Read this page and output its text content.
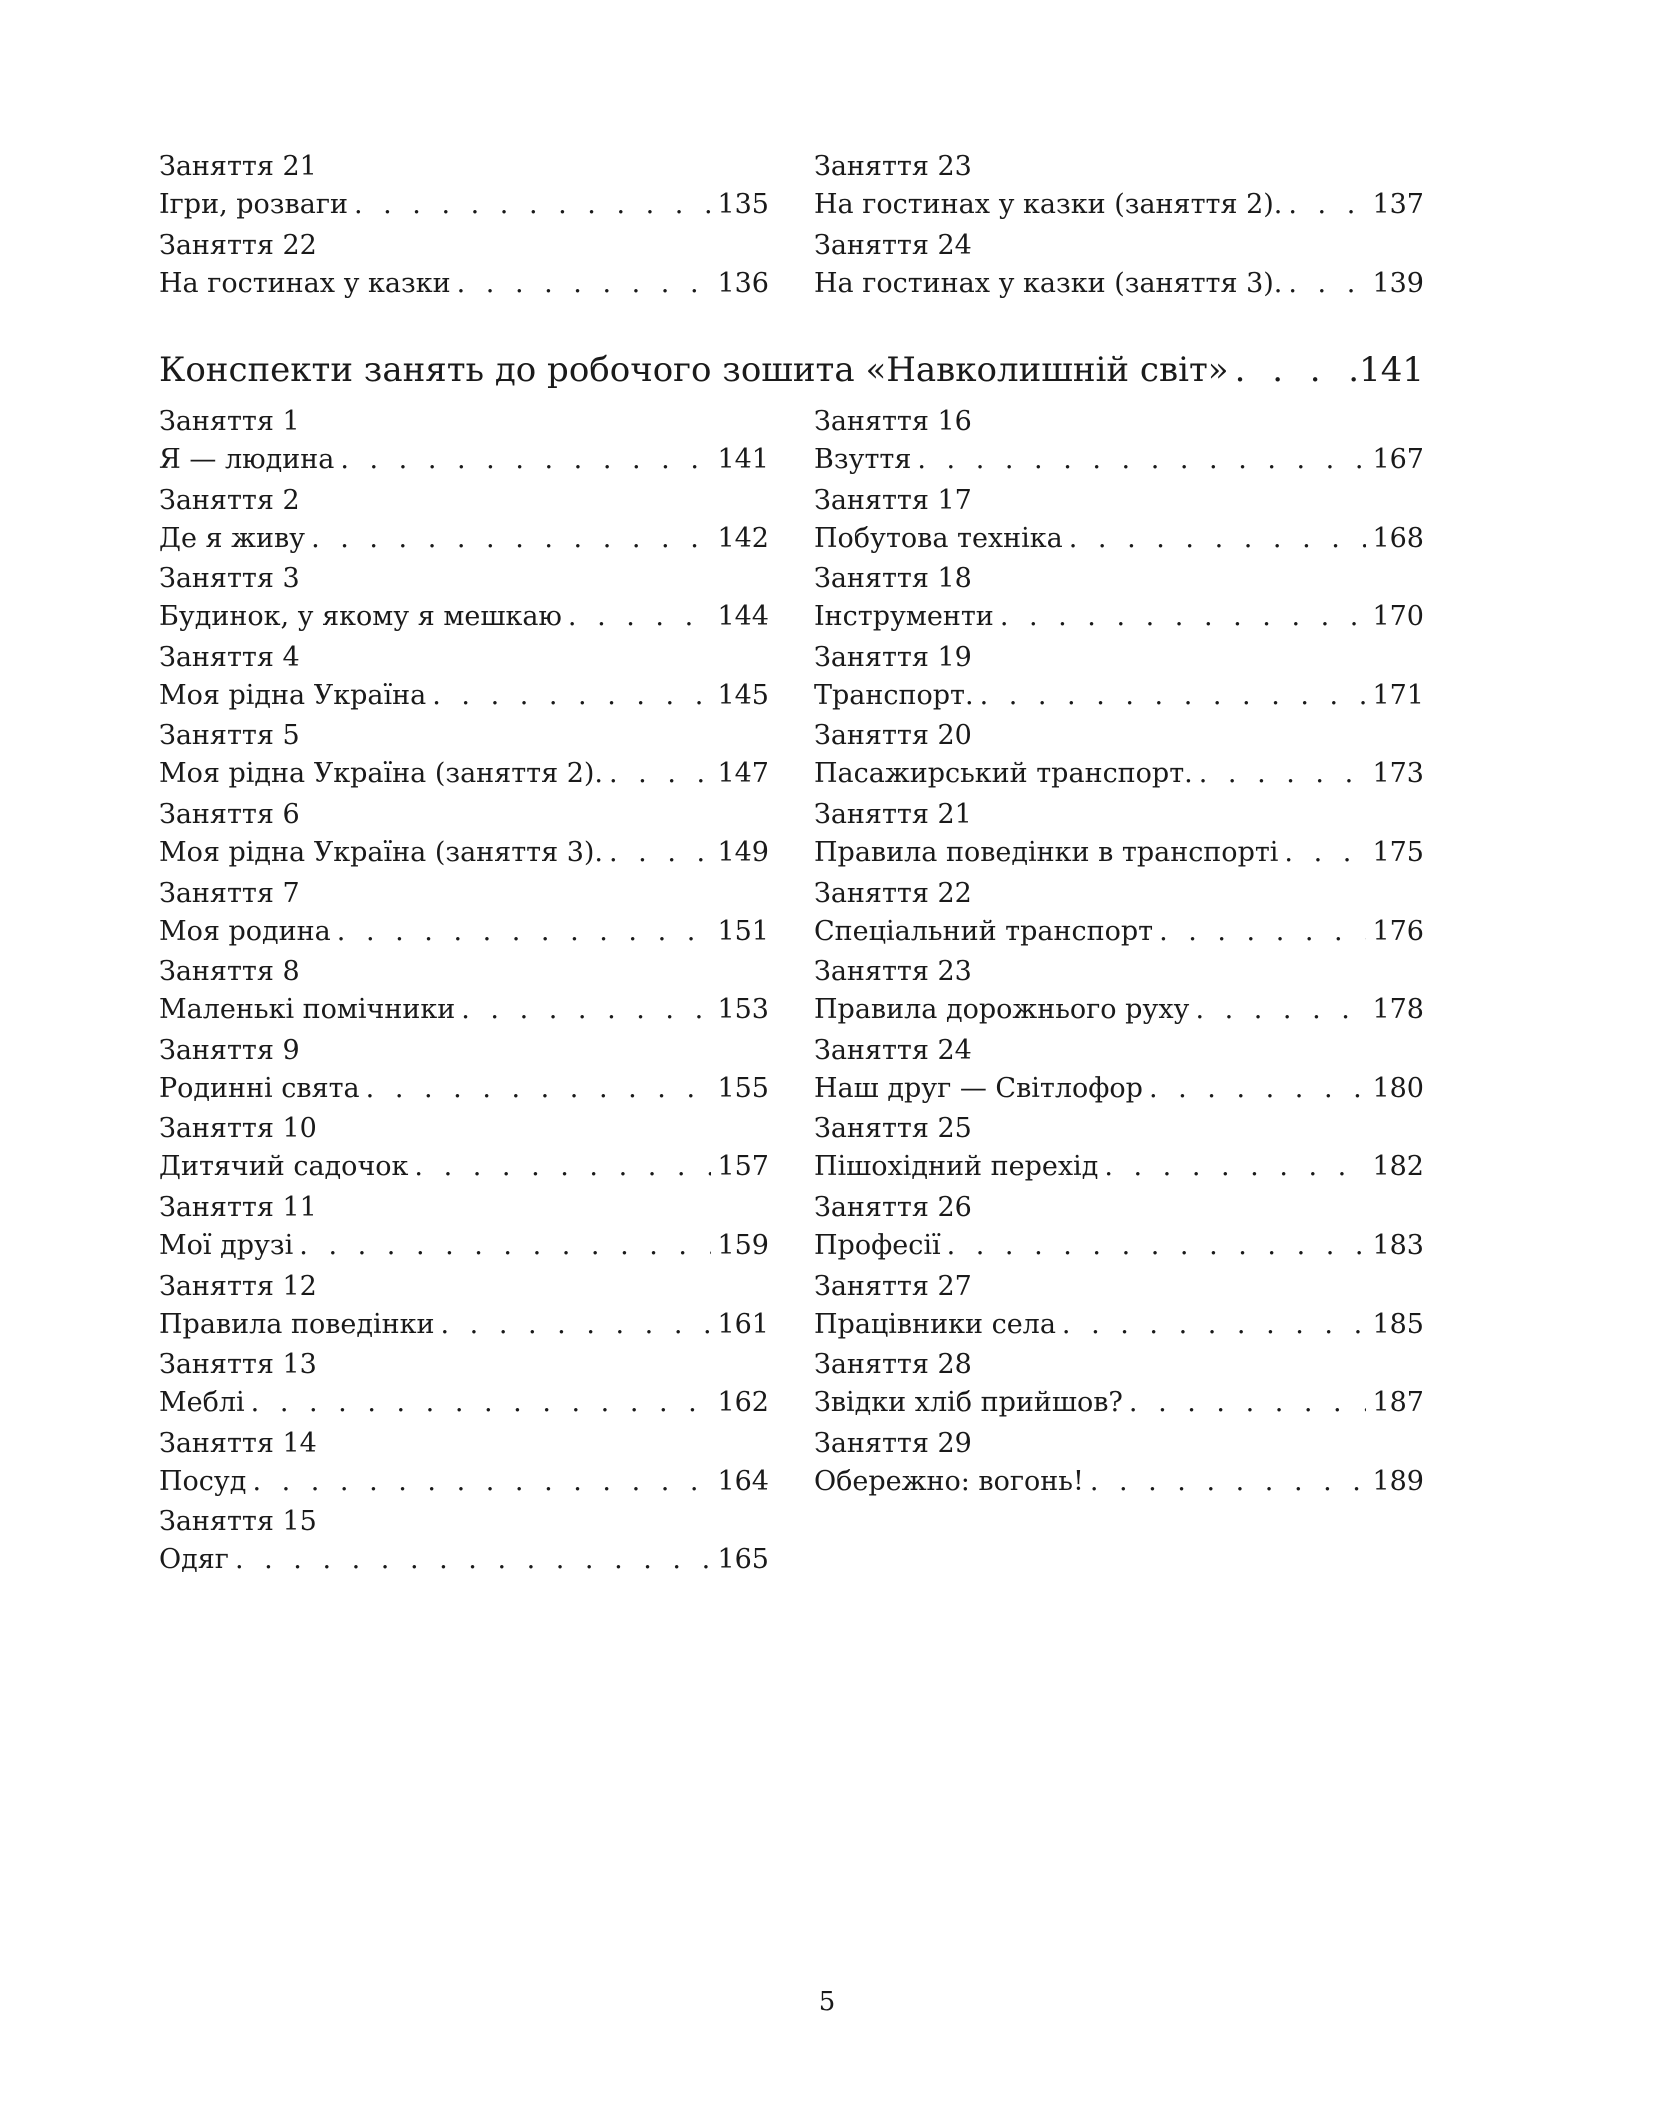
Заняття 21
Ігри, розваги . . .	135
Заняття 22
На гостинах у казки . . .	136
Заняття 23
На гостинах у казки (заняття 2). . . .	137
Заняття 24
На гостинах у казки (заняття 3). . . .	139
Конспекти занять до робочого зошита «Навколишній світ» . . .	.141
Заняття 1
Я — людина . . .	141
Заняття 2
Де я живу . . .	142
Заняття 3
Будинок, у якому я мешкаю . . .	144
Заняття 4
Моя рідна Україна . . .	145
Заняття 5
Моя рідна Україна (заняття 2). . . .	147
Заняття 6
Моя рідна Україна (заняття 3). . . .	149
Заняття 7
Моя родина . . .	151
Заняття 8
Маленькі помічники . . .	153
Заняття 9
Родинні свята . . .	155
Заняття 10
Дитячий садочок . . .	157
Заняття 11
Мої друзі . . .	159
Заняття 12
Правила поведінки . . .	161
Заняття 13
Меблі . . .	162
Заняття 14
Посуд . . .	164
Заняття 15
Одяг . . .	165
Заняття 16
Взуття . . .	167
Заняття 17
Побутова техніка . . .	168
Заняття 18
Інструменти . . .	170
Заняття 19
Транспорт. . . .	171
Заняття 20
Пасажирський транспорт. . . .	173
Заняття 21
Правила поведінки в транспорті . . .	175
Заняття 22
Спеціальний транспорт . . .	176
Заняття 23
Правила дорожнього руху . . .	178
Заняття 24
Наш друг — Світлофор . . .	180
Заняття 25
Пішохідний перехід . . .	182
Заняття 26
Професії . . .	183
Заняття 27
Працівники села . . .	185
Заняття 28
Звідки хліб прийшов? . . .	187
Заняття 29
Обережно: вогонь! . . .	189
5
